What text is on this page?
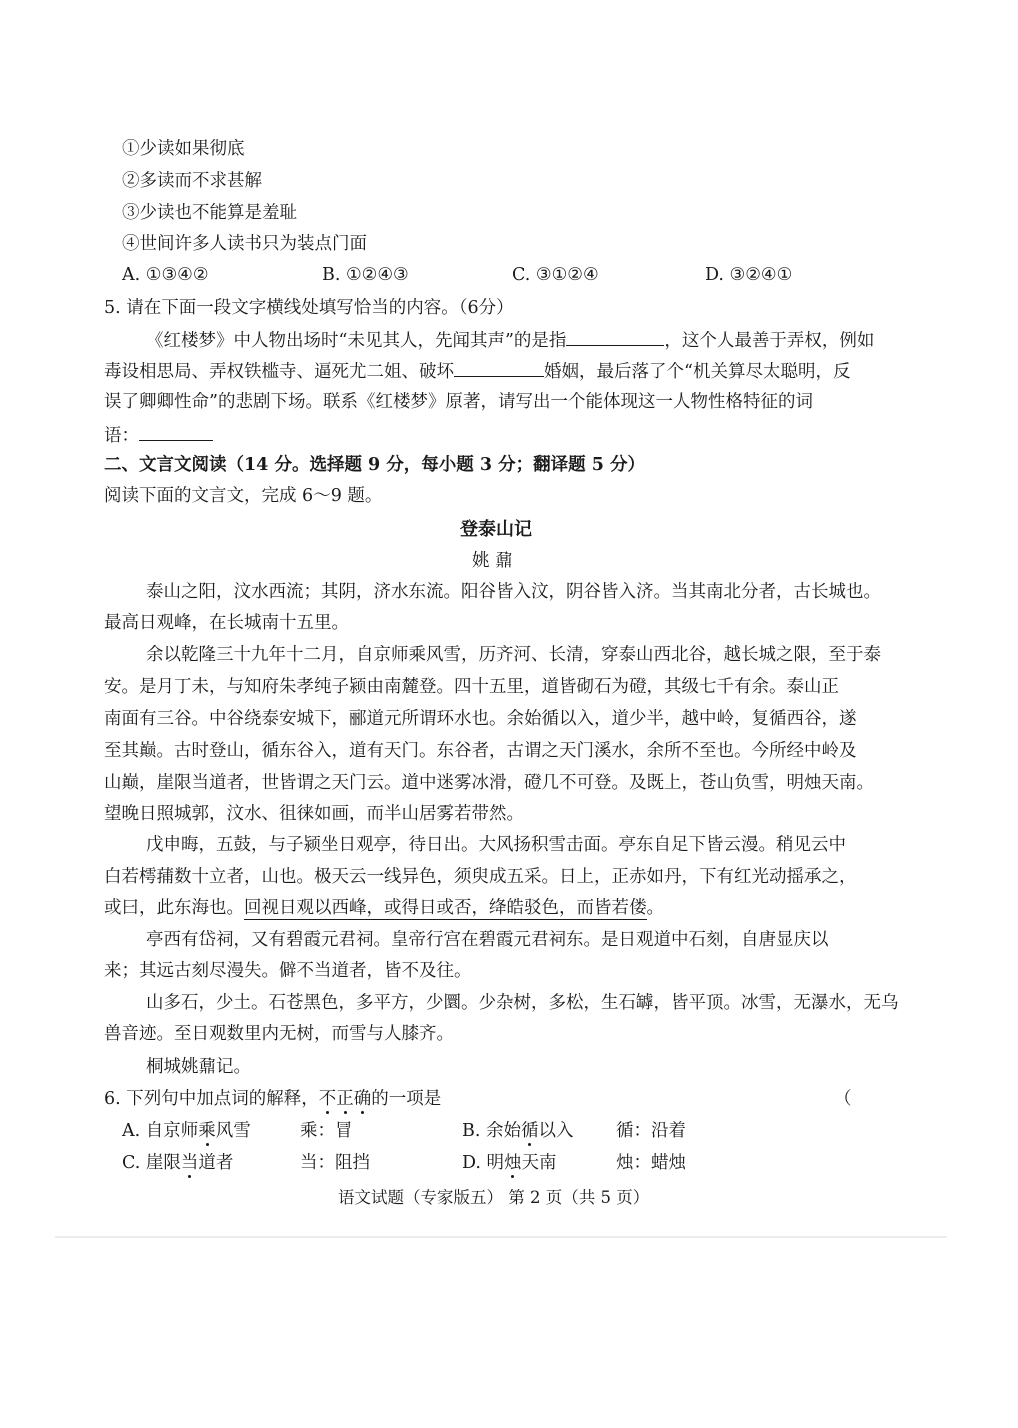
①少读如果彻底
②多读而不求甚解
③少读也不能算是羞耻
④世间许多人读书只为装点门面
A. ①③④②	B. ①②④③	C. ③①②④	D. ③②④①
5. 请在下面一段文字横线处填写恰当的内容。（6分）
《红楼梦》中人物出场时“未见其人，先闻其声”的是指	，这个人最善于弄权，例如
毒设相思局、弄权铁槛寺、逼死尤二姐、破坏	婚姻，最后落了个“机关算尽太聪明，反
误了卿卿性命”的悲剧下场。联系《红楼梦》原著，请写出一个能体现这一人物性格特征的词
语：
二、文言文阅读（14 分。选择题 9 分，每小题 3 分；翻译题 5 分）
阅读下面的文言文，完成 6～9 题。
登泰山记
姚 鼐
泰山之阳，汶水西流；其阴，济水东流。阳谷皆入汶，阴谷皆入济。当其南北分者，古长城也。
最高日观峰，在长城南十五里。
余以乾隆三十九年十二月，自京师乘风雪，历齐河、长清，穿泰山西北谷，越长城之限，至于泰
安。是月丁未，与知府朱孝纯子颍由南麓登。四十五里，道皆砌石为磴，其级七千有余。泰山正
南面有三谷。中谷绕泰安城下，郦道元所谓环水也。余始循以入，道少半，越中岭，复循西谷，遂
至其巅。古时登山，循东谷入，道有天门。东谷者，古谓之天门溪水，余所不至也。今所经中岭及
山巅，崖限当道者，世皆谓之天门云。道中迷雾冰滑，磴几不可登。及既上，苍山负雪，明烛天南。
望晚日照城郭，汶水、徂徕如画，而半山居雾若带然。
戊申晦，五鼓，与子颍坐日观亭，待日出。大风扬积雪击面。亭东自足下皆云漫。稍见云中
白若樗蒱数十立者，山也。极天云一线异色，须臾成五采。日上，正赤如丹，下有红光动摇承之，
或曰，此东海也。回视日观以西峰，或得日或否，绛皓驳色，而皆若偻。
亭西有岱祠，又有碧霞元君祠。皇帝行宫在碧霞元君祠东。是日观道中石刻，自唐显庆以
来；其远古刻尽漫失。僻不当道者，皆不及往。
山多石，少土。石苍黑色，多平方，少圜。少杂树，多松，生石罅，皆平顶。冰雪，无瀑水，无乌
兽音迹。至日观数里内无树，而雪与人膝齐。
桐城姚鼐记。
6. 下列句中加点词的解释，不正确的一项是	（
A. 自京师乘风雪	乘：冒	B. 余始循以入 循：沿着
C. 崖限当道者	当：阻挡	D. 明烛天南	烛：蜡烛
语文试题（专家版五） 第 2 页（共 5 页）
